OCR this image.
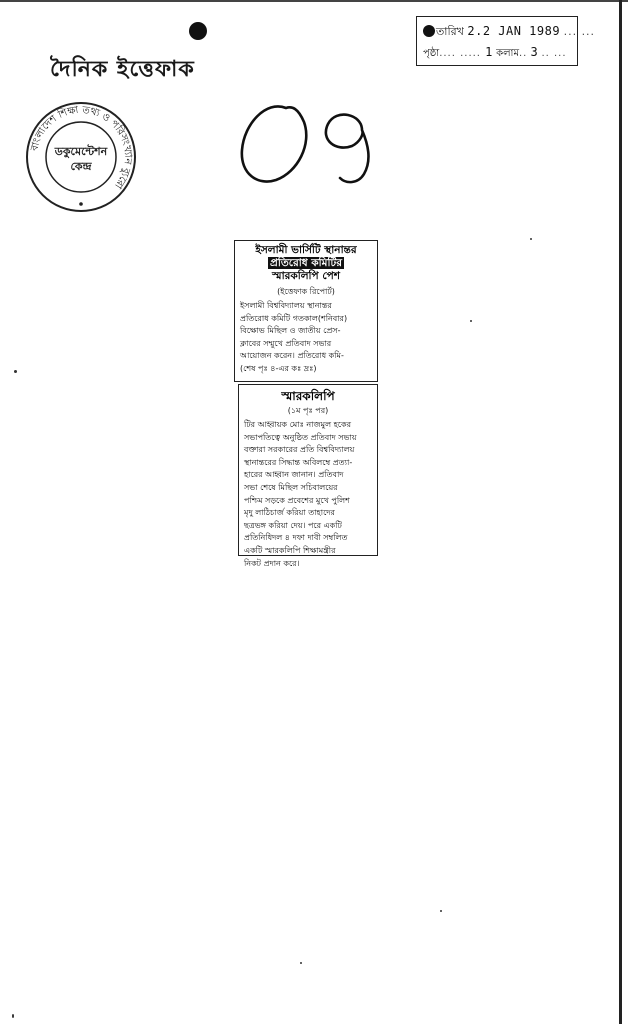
তারিখ 2.2 JAN 1989 ... ...
পৃষ্ঠা.... ..... 1 কলাম.. 3 .. ...
দৈনিক ইত্তেফাক
বাংলাদেশ শিক্ষা তথ্য ও পরিসংখ্যান ব্যুরো
ডকুমেন্টেশন
কেন্দ্র
ইসলামী ভার্সিটি স্থানান্তর
প্রতিরোধ কমিটির
স্মারকলিপি পেশ
(ইত্তেফাক রিপোর্ট)
ইসলামী বিশ্ববিদ্যালয় স্থানান্তর
প্রতিরোধ কমিটি গতকাল(শনিবার)
বিক্ষোভ মিছিল ও জাতীয় প্রেস-
ক্লাবের সম্মুখে প্রতিবাদ সভার
আয়োজন করেন। প্রতিরোধ কমি-
(শেষ পৃঃ ৪-এর কঃ দ্রঃ)
স্মারকলিপি
(১ম পৃঃ পর)
টির আহ্বায়ক মোঃ নাজমুল হকের
সভাপতিত্বে অনুষ্ঠিত প্রতিবাদ সভায়
বক্তারা সরকারের প্রতি বিশ্ববিদ্যালয়
স্থানান্তরের সিদ্ধান্ত অবিলম্বে প্রত্যা-
হারের আহ্বান জানান। প্রতিবাদ
সভা শেষে মিছিল সচিবালয়ের
পশ্চিম সড়কে প্রবেশের মুখে পুলিশ
মৃদু লাঠিচার্জ করিয়া তাহাদের
ছত্রভঙ্গ করিয়া দেয়। পরে একটি
প্রতিনিধিদল ৪ দফা দাবী সম্বলিত
একটি স্মারকলিপি শিক্ষামন্ত্রীর
নিকট প্রদান করে।
